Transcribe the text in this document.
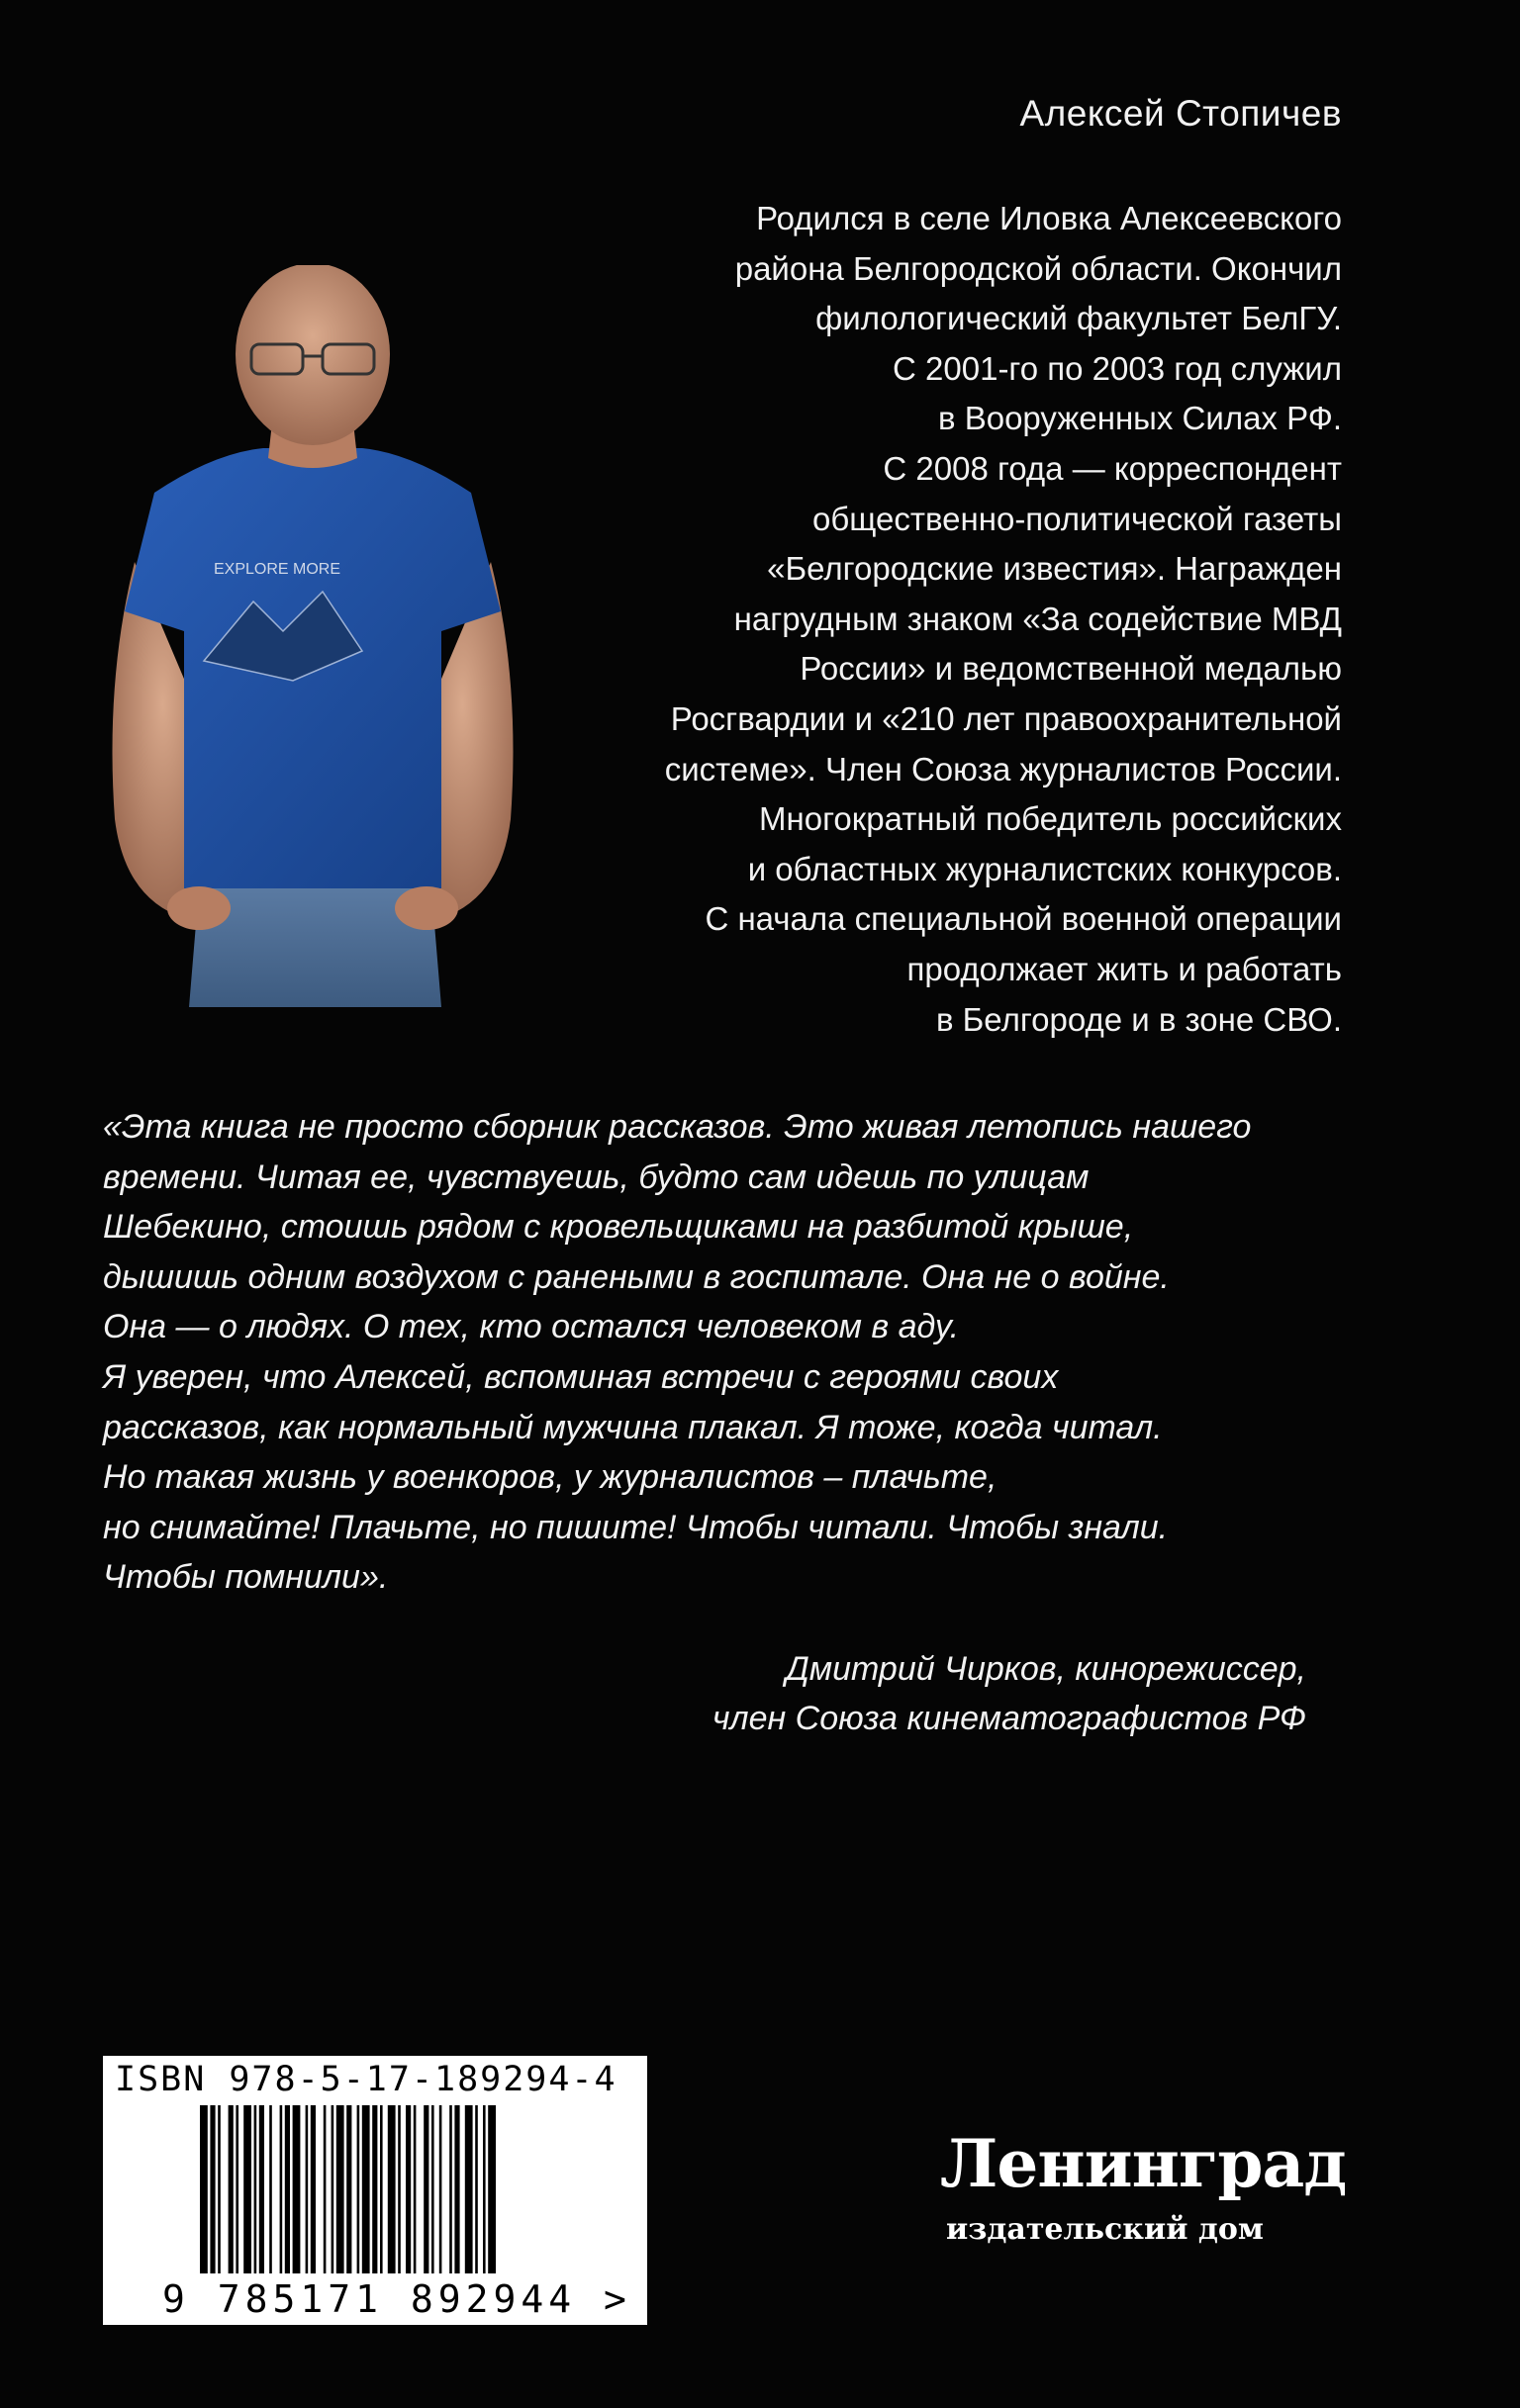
Алексей Стопичев
Родился в селе Иловка Алексеевского
района Белгородской области. Окончил
филологический факультет БелГУ.
С 2001-го по 2003 год служил
в Вооруженных Силах РФ.
С 2008 года — корреспондент
общественно-политической газеты
«Белгородские известия». Награжден
нагрудным знаком «За содействие МВД
России» и ведомственной медалью
Росгвардии и «210 лет правоохранительной
системе». Член Союза журналистов России.
Многократный победитель российских
и областных журналистских конкурсов.
С начала специальной военной операции
продолжает жить и работать
в Белгороде и в зоне СВО.
EXPLORE MORE
«Эта книга не просто сборник рассказов. Это живая летопись нашего
времени. Читая ее, чувствуешь, будто сам идешь по улицам
Шебекино, стоишь рядом с кровельщиками на разбитой крыше,
дышишь одним воздухом с ранеными в госпитале. Она не о войне.
Она — о людях. О тех, кто остался человеком в аду.
Я уверен, что Алексей, вспоминая встречи с героями своих
рассказов, как нормальный мужчина плакал. Я тоже, когда читал.
Но такая жизнь у военкоров, у журналистов – плачьте,
но снимайте! Плачьте, но пишите! Чтобы читали. Чтобы знали.
Чтобы помнили».
Дмитрий Чирков, кинорежиссер,
член Союза кинематографистов РФ
ISBN 978-5-17-189294-4
9 785171 892944 >
Ленинград
издательский дом
